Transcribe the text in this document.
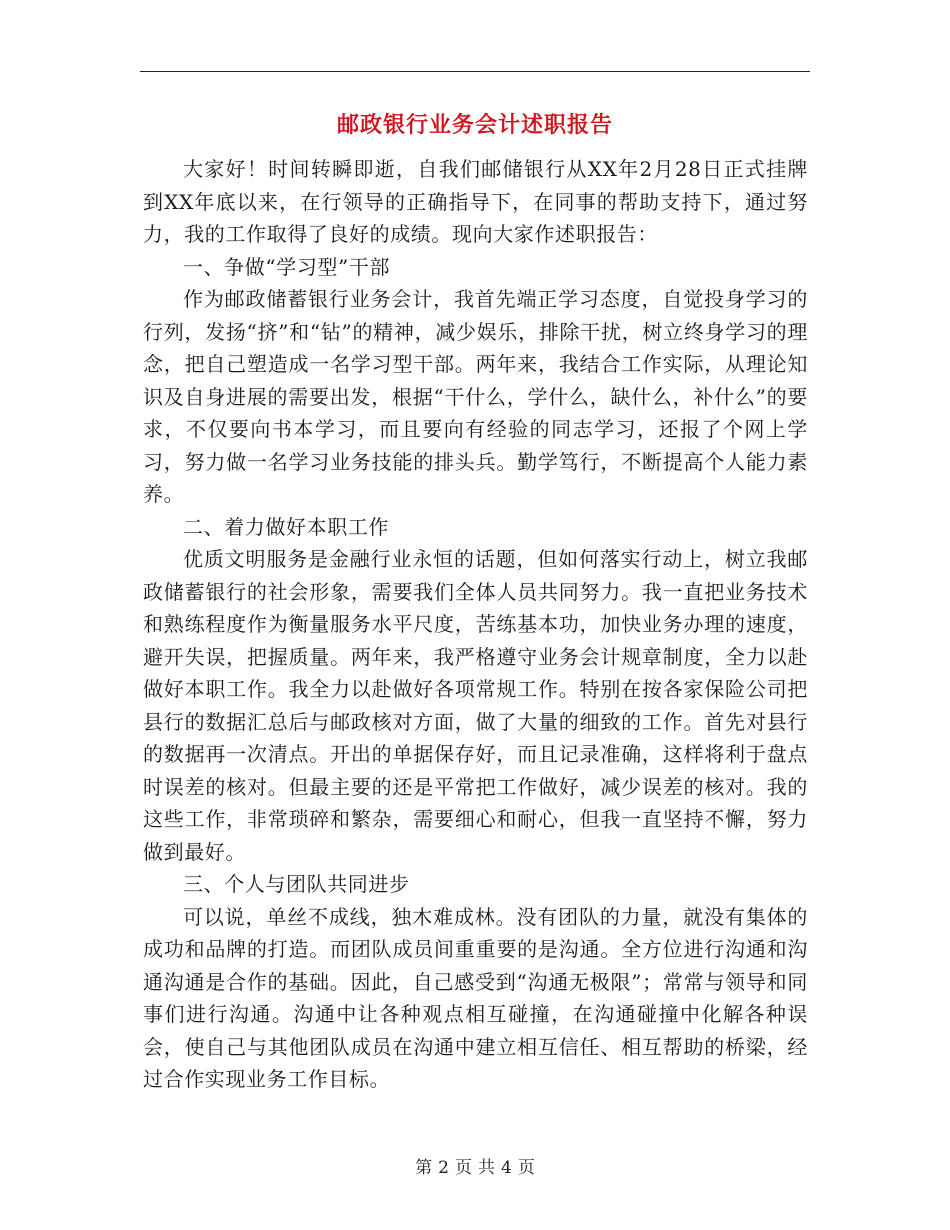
邮政银行业务会计述职报告

大家好！时间转瞬即逝，自我们邮储银行从XX年2月28日正式挂牌到XX年底以来，在行领导的正确指导下，在同事的帮助支持下，通过努力，我的工作取得了良好的成绩。现向大家作述职报告：

一、争做“学习型”干部

作为邮政储蓄银行业务会计，我首先端正学习态度，自觉投身学习的行列，发扬“挤”和“钻”的精神，减少娱乐，排除干扰，树立终身学习的理念，把自己塑造成一名学习型干部。两年来，我结合工作实际，从理论知识及自身进展的需要出发，根据“干什么，学什么，缺什么，补什么”的要求，不仅要向书本学习，而且要向有经验的同志学习，还报了个网上学习，努力做一名学习业务技能的排头兵。勤学笃行，不断提高个人能力素养。

二、着力做好本职工作

优质文明服务是金融行业永恒的话题，但如何落实行动上，树立我邮政储蓄银行的社会形象，需要我们全体人员共同努力。我一直把业务技术和熟练程度作为衡量服务水平尺度，苦练基本功，加快业务办理的速度，避开失误，把握质量。两年来，我严格遵守业务会计规章制度，全力以赴做好本职工作。我全力以赴做好各项常规工作。特别在按各家保险公司把县行的数据汇总后与邮政核对方面，做了大量的细致的工作。首先对县行的数据再一次清点。开出的单据保存好，而且记录准确，这样将利于盘点时误差的核对。但最主要的还是平常把工作做好，减少误差的核对。我的这些工作，非常琐碎和繁杂，需要细心和耐心，但我一直坚持不懈，努力做到最好。

三、个人与团队共同进步

可以说，单丝不成线，独木难成林。没有团队的力量，就没有集体的成功和品牌的打造。而团队成员间重重要的是沟通。全方位进行沟通和沟通沟通是合作的基础。因此，自己感受到“沟通无极限”；常常与领导和同事们进行沟通。沟通中让各种观点相互碰撞，在沟通碰撞中化解各种误会，使自己与其他团队成员在沟通中建立相互信任、相互帮助的桥梁，经过合作实现业务工作目标。

第 2 页 共 4 页
